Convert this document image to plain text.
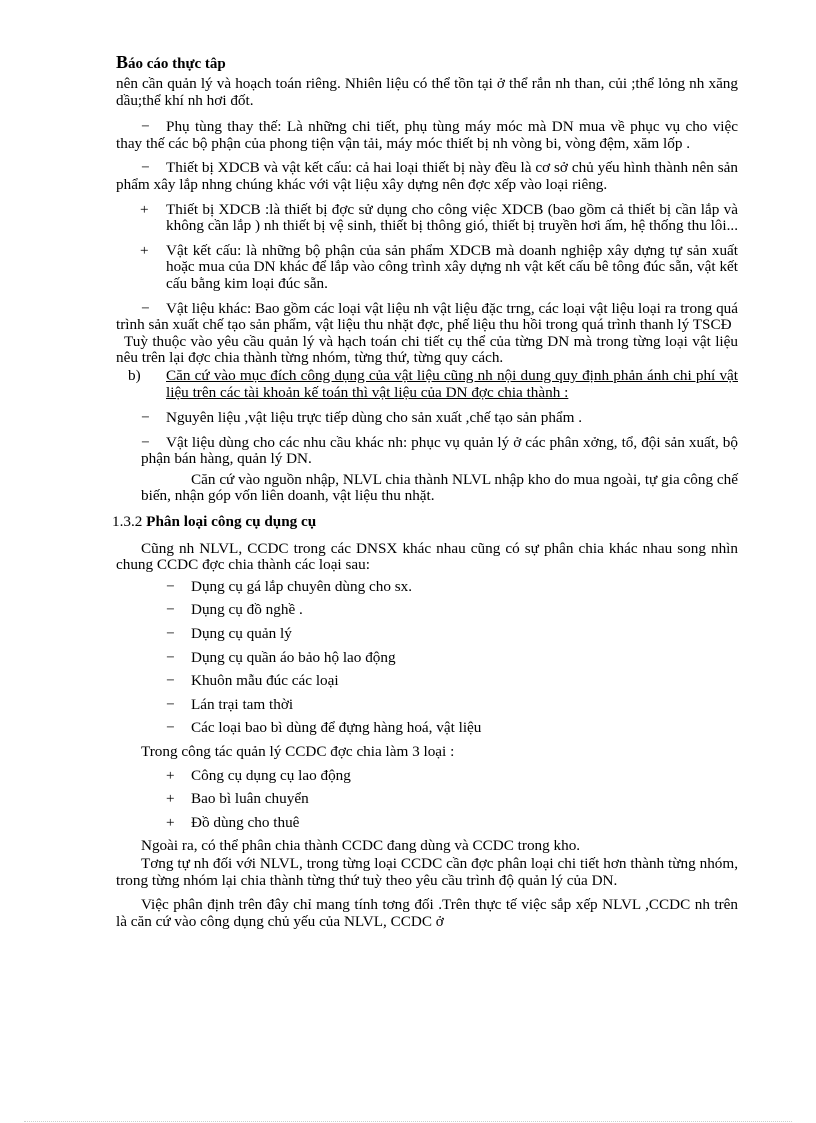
Báo cáo thực tâp

nên cần quản lý và hoạch toán riêng. Nhiên liệu có thể tồn tại ở thể rắn nh than, củi ;thể lỏng nh xăng dầu;thể khí nh hơi đốt.

−	Phụ tùng thay thế: Là những chi tiết, phụ tùng máy móc mà DN mua về phục vụ cho việc thay thế các bộ phận của phong tiện vận tải, máy móc thiết bị nh vòng bi, vòng đệm, xăm lốp .
−	Thiết bị XDCB và vật kết cấu: cả hai loại thiết bị này đều là cơ sở chủ yếu hình thành nên sản phẩm xây lắp nhng chúng khác với vật liệu xây dựng nên đợc xếp vào loại riêng.
+	Thiết bị XDCB :là thiết bị đợc sử dụng cho công việc XDCB (bao gồm cả thiết bị cần lắp và không cần lắp ) nh thiết bị vệ sinh, thiết bị thông gió, thiết bị truyền hơi ấm, hệ thống thu lôi...
+	Vật kết cấu: là những bộ phận của sản phẩm XDCB mà doanh nghiệp xây dựng tự sản xuất hoặc mua của DN khác để lắp vào công trình xây dựng nh vật kết cấu bê tông đúc sẵn, vật kết cấu bằng kim loại đúc sẵn.
−	Vật liệu khác: Bao gồm các loại vật liệu nh vật liệu đặc trng, các loại vật liệu loại ra trong quá trình sản xuất chế tạo sản phẩm, vật liệu thu nhặt đợc, phế liệu thu hồi trong quá trình thanh lý TSCĐ

Tuỳ thuộc vào yêu cầu quản lý và hạch toán chi tiết cụ thể của từng DN mà trong từng loại vật liệu nêu trên lại đợc chia thành từng nhóm, từng thứ, từng quy cách.

b)	Căn cứ vào mục đích công dụng của vật liệu cũng nh nội dung quy định phản ánh chi phí vật liệu trên các tài khoản kế toán thì vật liệu của DN đợc chia thành :
−	Nguyên liệu ,vật liệu trực tiếp dùng cho sản xuất ,chế tạo sản phẩm .
−	Vật liệu dùng cho các nhu cầu khác nh: phục vụ quản lý ở các phân xởng, tổ, đội sản xuất, bộ phận bán hàng, quản lý DN.

Căn cứ vào nguồn nhập, NLVL chia thành NLVL nhập kho do mua ngoài, tự gia công chế biến, nhận góp vốn liên doanh, vật liệu thu nhặt.

1.3.2 Phân loại công cụ dụng cụ

Cũng nh NLVL, CCDC trong các DNSX khác nhau cũng có sự phân chia khác nhau song nhìn chung CCDC đợc chia thành các loại sau:

−	Dụng cụ gá lắp chuyên dùng cho sx.
−	Dụng cụ đồ nghề .
−	Dụng cụ quản lý
−	Dụng cụ quần áo bảo hộ lao động
−	Khuôn mẫu đúc các loại
−	Lán trại tam thời
−	Các loại bao bì dùng để đựng hàng hoá, vật liệu

Trong công tác quản lý CCDC đợc chia làm 3 loại :

+	Công cụ dụng cụ lao động
+	Bao bì luân chuyển
+	Đồ dùng cho thuê

Ngoài ra, có thể phân chia thành CCDC đang dùng và CCDC trong kho.

Tơng tự nh đối với NLVL, trong từng loại CCDC cần đợc phân loại chi tiết hơn thành từng nhóm, trong từng nhóm lại chia thành từng thứ tuỳ theo yêu cầu trình độ quản lý của DN.

Việc phân định trên đây chỉ mang tính tơng đối .Trên thực tế việc sắp xếp NLVL ,CCDC nh trên là căn cứ vào công dụng chủ yếu của NLVL, CCDC ở
